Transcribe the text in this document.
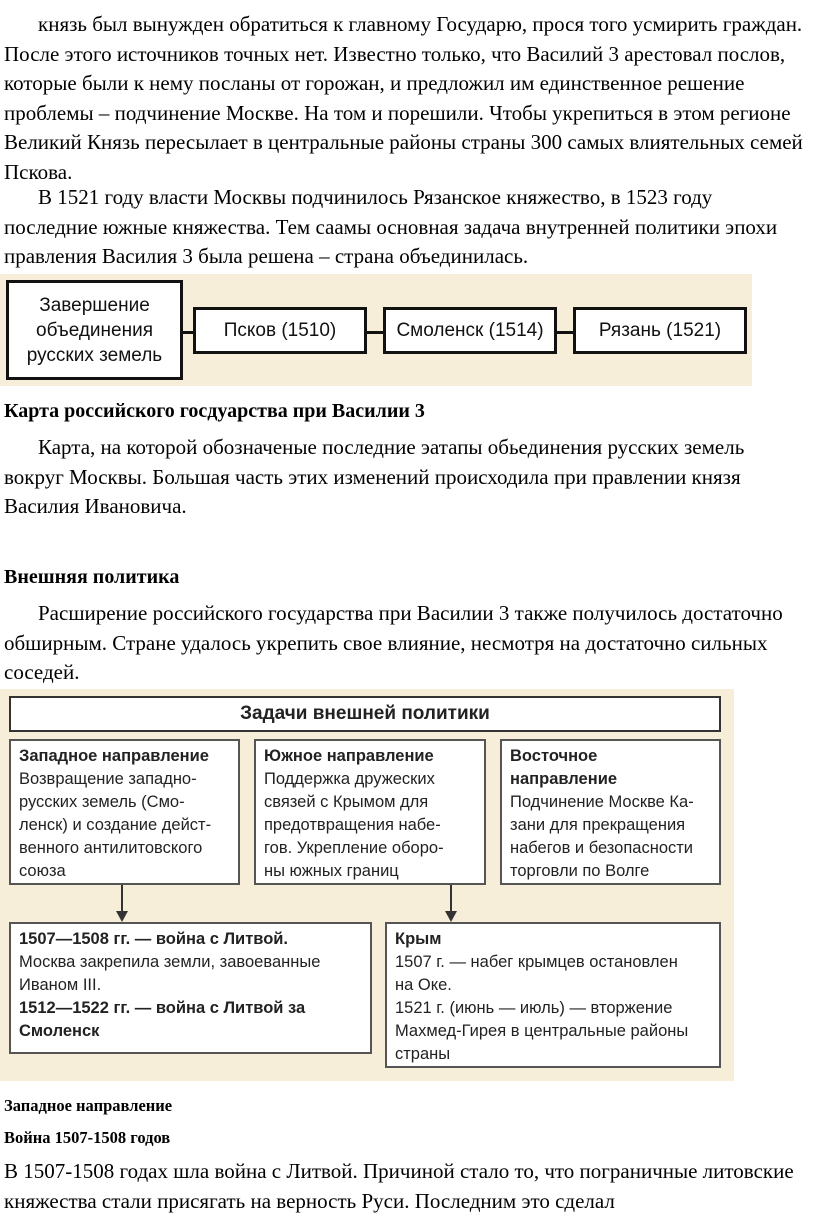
князь был вынужден обратиться к главному Государю, прося того усмирить граждан. После этого источников точных нет. Известно только, что Василий 3 арестовал послов, которые были к нему посланы от горожан, и предложил им единственное решение проблемы – подчинение Москве. На том и порешили. Чтобы укрепиться в этом регионе Великий Князь пересылает в центральные районы страны 300 самых влиятельных семей Пскова.

В 1521 году власти Москвы подчинилось Рязанское княжество, в 1523 году последние южные княжества. Тем саамы основная задача внутренней политики эпохи правления Василия 3 была решена – страна объединилась.

Завершение
объединения
русских земель
Псков (1510)	Смоленск (1514)	Рязань (1521)

Карта российского госдуарства при Василии 3

Карта, на которой обозначеные последние эатапы обьединения русских земель вокруг Москвы. Большая часть этих изменений происходила при правлении князя Василия Ивановича.

Внешняя политика

Расширение российского государства при Василии 3 также получилось достаточно обширным. Стране удалось укрепить свое влияние, несмотря на достаточно сильных соседей.

Задачи внешней политики
Западное направление
Возвращение западно-
русских земель (Смо-
ленск) и создание дейст-
венного антилитовского
союза
Южное направление
Поддержка дружеских
связей с Крымом для
предотвращения набе-
гов. Укрепление оборо-
ны южных границ
Восточное
направление
Подчинение Москве Ка-
зани для прекращения
набегов и безопасности
торговли по Волге
1507—1508 гг. — война с Литвой.
Москва закрепила земли, завоеванные
Иваном III.
1512—1522 гг. — война с Литвой за
Смоленск
Крым
1507 г. — набег крымцев остановлен
на Оке.
1521 г. (июнь — июль) — вторжение
Махмед-Гирея в центральные районы
страны

Западное направление

Война 1507-1508 годов

В 1507-1508 годах шла война с Литвой. Причиной стало то, что пограничные литовские княжества стали присягать на верность Руси. Последним это сделал
